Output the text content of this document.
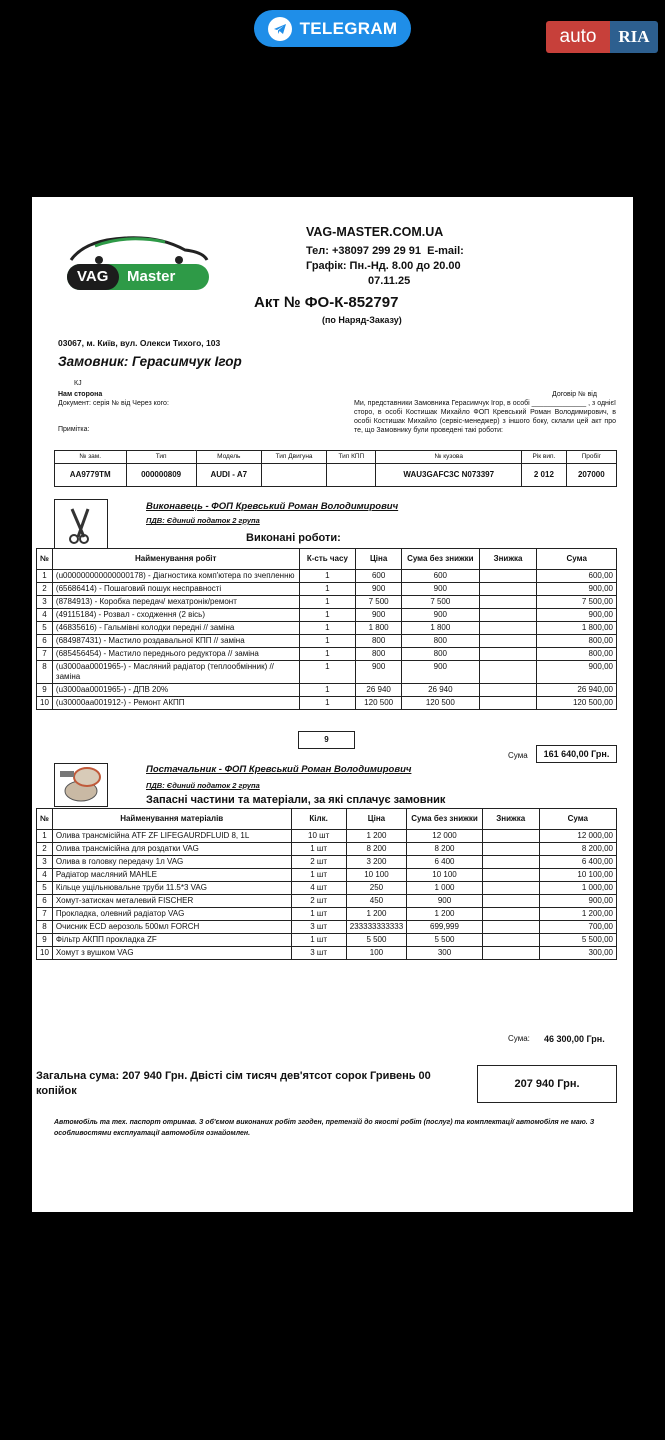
TELEGRAM	auto	RIA
VAG Master
VAG-MASTER.COM.UA
Тел: +38097 299 29 91 E-mail:
Графік: Пн.-Нд. 8.00 до 20.00
07.11.25
Акт № ФО-К-852797
(по Наряд-Заказу)
03067, м. Київ, вул. Олекси Тихого, 103
Замовник: Герасимчук Ігор
КJ
Нам сторона
Документ: серія № від Через кого:
Примітка:
Договір № від
Ми, представники Замовника Герасимчук Ігор, в особі ______________ , з однієї сторо, в особі Костишак Михайло ФОП Кревський Роман Володимирович, в особі Костишак Михайло (сервіс-менеджер) з іншого боку, склали цей акт про те, що Замовнику були проведені такі роботи:
№ зам.	Тип	Модель	Тип Двигуна	Тип КПП	№ кузова	Рік вип.	Пробіг
AA9779TM	000000809	AUDI - A7			WAU3GAFC3C N073397	2 012	207000
Виконавець - ФОП Кревський Роман Володимирович
ПДВ: Єдиний податок 2 група
Виконані роботи:
№	Найменування робіт	К-сть часу	Ціна	Сума без знижки	Знижка	Сума
1	(u000000000000000178) - Діагностика комп'ютера по зчепленню	1	600	600		600,00
2	(65686414) - Пошаговий пошук несправності	1	900	900		900,00
3	(8784913) - Коробка передач/ мехатронік/ремонт	1	7 500	7 500		7 500,00
4	(49115184) - Розвал - сходження (2 вісь)	1	900	900		900,00
5	(46835616) - Гальмівні колодки передні // заміна	1	1 800	1 800		1 800,00
6	(684987431) - Мастило роздавальної КПП // заміна	1	800	800		800,00
7	(685456454) - Мастило переднього редуктора // заміна	1	800	800		800,00
8	(u3000aa0001965-) - Масляний радіатор (теплообмінник) // заміна	1	900	900		900,00
9	(u3000aa0001965-) - ДПВ 20%	1	26 940	26 940		26 940,00
10	(u30000aa001912-) - Ремонт АКПП	1	120 500	120 500		120 500,00
9
Сума	161 640,00 Грн.
Постачальник - ФОП Кревський Роман Володимирович
ПДВ: Єдиний податок 2 група
Запасні частини та матеріали, за які сплачує замовник
№	Найменування матеріалів	Кілк.	Ціна	Сума без знижки	Знижка	Сума
1	Олива трансмісійна ATF ZF LIFEGAURDFLUID 8, 1L	10 шт	1 200	12 000		12 000,00
2	Олива трансмісійна для роздатки VAG	1 шт	8 200	8 200		8 200,00
3	Олива в головку передачу 1л VAG	2 шт	3 200	6 400		6 400,00
4	Радіатор масляний MAHLE	1 шт	10 100	10 100		10 100,00
5	Кільце ущільнювальне труби 11.5*3 VAG	4 шт	250	1 000		1 000,00
6	Хомут-затискач металевий FISCHER	2 шт	450	900		900,00
7	Прокладка, олевний радіатор VAG	1 шт	1 200	1 200		1 200,00
8	Очисник ECD аерозоль 500мл FORCH	3 шт	233333333333	699,999		700,00
9	Фільтр АКПП прокладка ZF	1 шт	5 500	5 500		5 500,00
10	Хомут з вушком VAG	3 шт	100	300		300,00
Сума: 46 300,00 Грн.
Загальна сума: 207 940 Грн. Двісті сім тисяч дев'ятсот сорок Гривень 00 копійок
207 940 Грн.
Автомобіль та тех. паспорт отримав. З об'ємом виконаних робіт згоден, претензій до якості робіт (послуг) та комплектації автомобіля не маю. З особливостями експлуатації автомобіля ознайомлен.
